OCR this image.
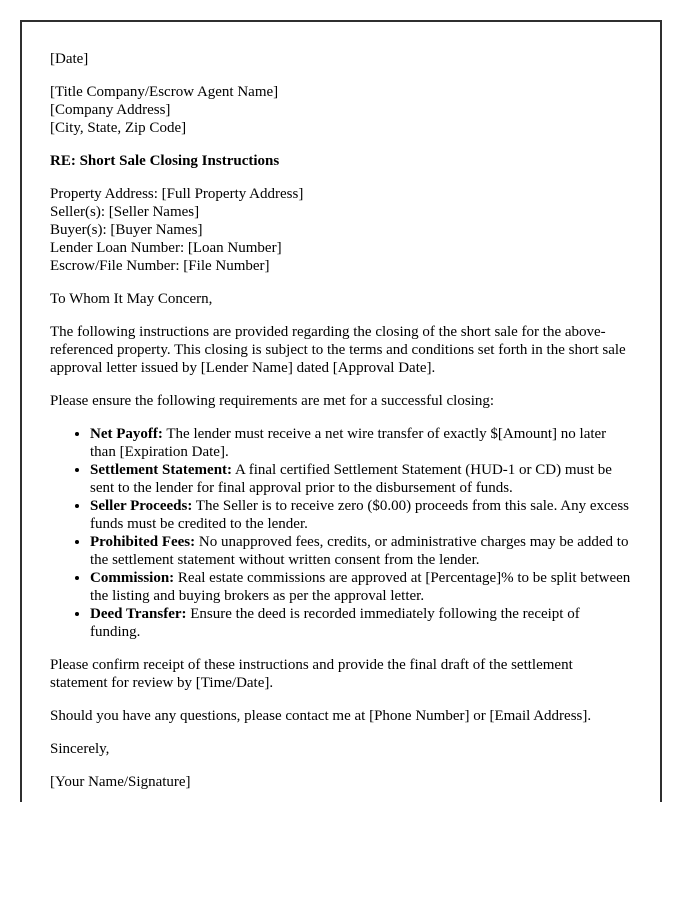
[Date]

[Title Company/Escrow Agent Name]
[Company Address]
[City, State, Zip Code]

RE: Short Sale Closing Instructions

Property Address: [Full Property Address]
Seller(s): [Seller Names]
Buyer(s): [Buyer Names]
Lender Loan Number: [Loan Number]
Escrow/File Number: [File Number]

To Whom It May Concern,

The following instructions are provided regarding the closing of the short sale for the above-referenced property. This closing is subject to the terms and conditions set forth in the short sale approval letter issued by [Lender Name] dated [Approval Date].

Please ensure the following requirements are met for a successful closing:

• Net Payoff: The lender must receive a net wire transfer of exactly $[Amount] no later than [Expiration Date].
• Settlement Statement: A final certified Settlement Statement (HUD-1 or CD) must be sent to the lender for final approval prior to the disbursement of funds.
• Seller Proceeds: The Seller is to receive zero ($0.00) proceeds from this sale. Any excess funds must be credited to the lender.
• Prohibited Fees: No unapproved fees, credits, or administrative charges may be added to the settlement statement without written consent from the lender.
• Commission: Real estate commissions are approved at [Percentage]% to be split between the listing and buying brokers as per the approval letter.
• Deed Transfer: Ensure the deed is recorded immediately following the receipt of funding.

Please confirm receipt of these instructions and provide the final draft of the settlement statement for review by [Time/Date].

Should you have any questions, please contact me at [Phone Number] or [Email Address].

Sincerely,

[Your Name/Signature]
